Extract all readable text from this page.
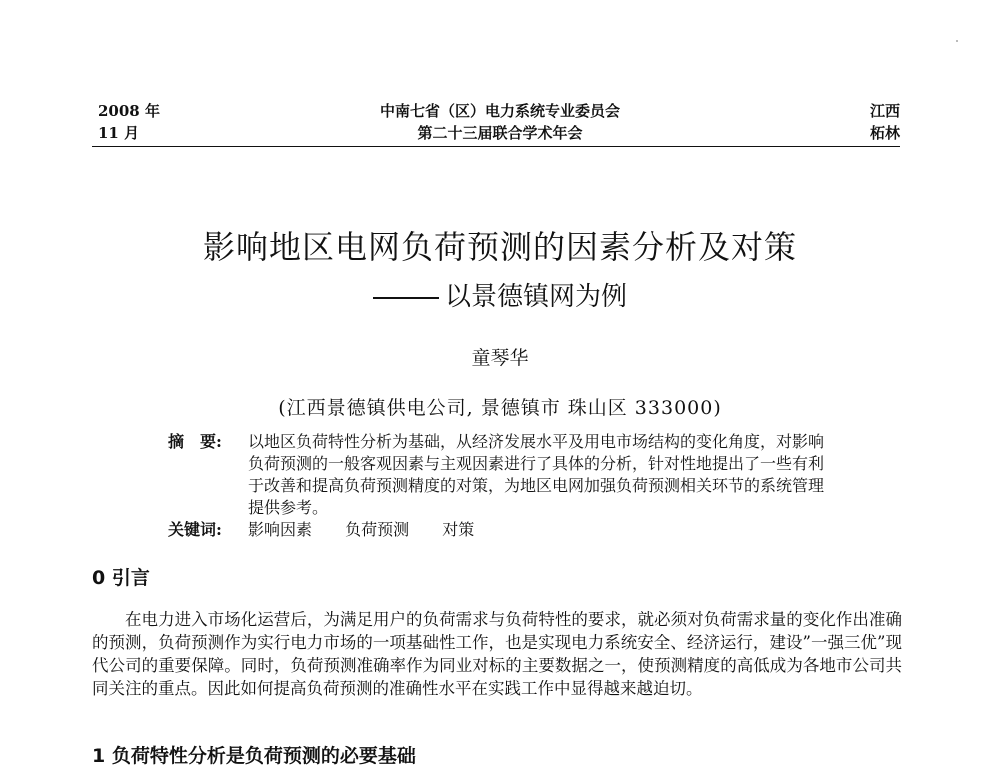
2008 年
11 月
中南七省（区）电力系统专业委员会
第二十三届联合学术年会
江西
柘林
影响地区电网负荷预测的因素分析及对策
以景德镇网为例
童琴华
(江西景德镇供电公司, 景德镇市 珠山区 333000)
摘　要:	以地区负荷特性分析为基础，从经济发展水平及用电市场结构的变化角度，对影响负荷预测的一般客观因素与主观因素进行了具体的分析，针对性地提出了一些有利于改善和提高负荷预测精度的对策，为地区电网加强负荷预测相关环节的系统管理提供参考。
关键词:	影响因素 负荷预测 对策
0 引言

在电力进入市场化运营后，为满足用户的负荷需求与负荷特性的要求，就必须对负荷需求量的变化作出准确的预测，负荷预测作为实行电力市场的一项基础性工作，也是实现电力系统安全、经济运行，建设”一强三优”现代公司的重要保障。同时，负荷预测准确率作为同业对标的主要数据之一，使预测精度的高低成为各地市公司共同关注的重点。因此如何提高负荷预测的准确性水平在实践工作中显得越来越迫切。

1 负荷特性分析是负荷预测的必要基础
